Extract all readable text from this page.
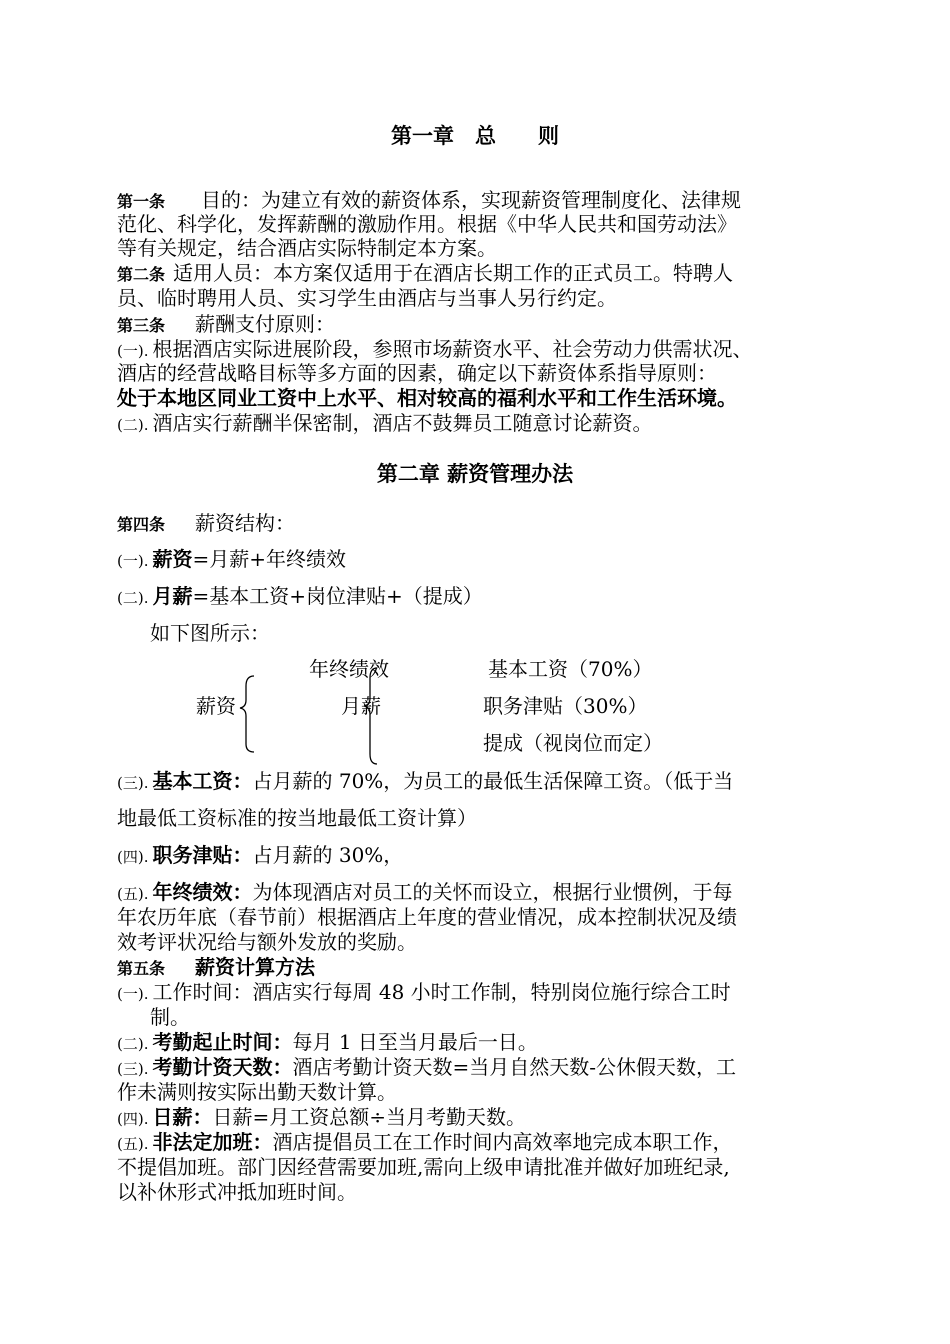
第一章　总　　则
第一条 目的：为建立有效的薪资体系，实现薪资管理制度化、法律规
范化、科学化，发挥薪酬的激励作用。根据《中华人民共和国劳动法》
等有关规定，结合酒店实际特制定本方案。
第二条 适用人员：本方案仅适用于在酒店长期工作的正式员工。特聘人
员、临时聘用人员、实习学生由酒店与当事人另行约定。
第三条 薪酬支付原则：
(一). 根据酒店实际进展阶段，参照市场薪资水平、社会劳动力供需状况、
酒店的经营战略目标等多方面的因素，确定以下薪资体系指导原则：
处于本地区同业工资中上水平、相对较高的福利水平和工作生活环境。
(二). 酒店实行薪酬半保密制，酒店不鼓舞员工随意讨论薪资。
第二章 薪资管理办法
第四条 薪资结构：
(一). 薪资=月薪+年终绩效
(二). 月薪=基本工资+岗位津贴+（提成）
如下图所示：
年终绩效	基本工资（70%）
薪资	月薪	职务津贴（30%）
提成（视岗位而定）
(三). 基本工资：占月薪的 70%，为员工的最低生活保障工资。（低于当
地最低工资标准的按当地最低工资计算）
(四). 职务津贴：占月薪的 30%，
(五). 年终绩效：为体现酒店对员工的关怀而设立，根据行业惯例，于每
年农历年底（春节前）根据酒店上年度的营业情况，成本控制状况及绩
效考评状况给与额外发放的奖励。
第五条 薪资计算方法
(一). 工作时间：酒店实行每周 48 小时工作制，特别岗位施行综合工时
制。
(二). 考勤起止时间：每月 1 日至当月最后一日。
(三). 考勤计资天数：酒店考勤计资天数=当月自然天数-公休假天数，工
作未满则按实际出勤天数计算。
(四). 日薪：日薪=月工资总额÷当月考勤天数。
(五). 非法定加班：酒店提倡员工在工作时间内高效率地完成本职工作，
不提倡加班。部门因经营需要加班,需向上级申请批准并做好加班纪录,
以补休形式冲抵加班时间。
